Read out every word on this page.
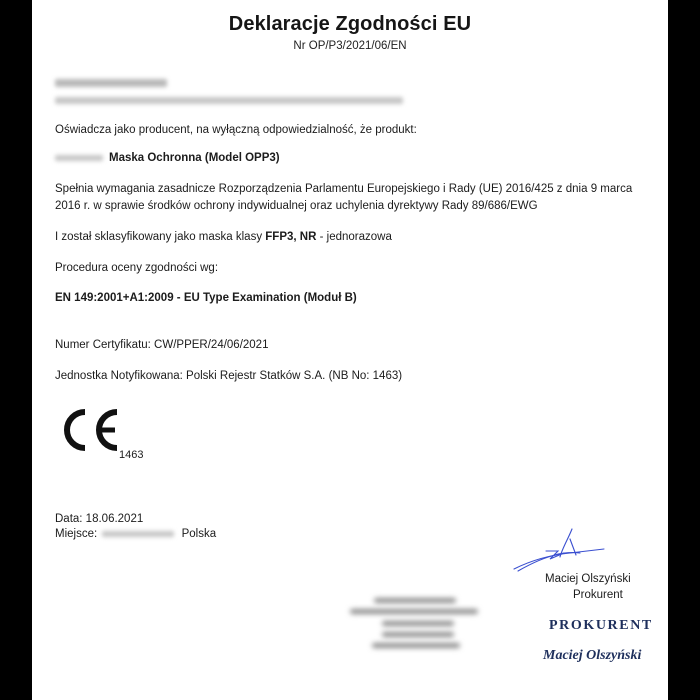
Deklaracje Zgodności EU
Nr OP/P3/2021/06/EN
Oświadcza jako producent, na wyłączną odpowiedzialność, że produkt:
Maska Ochronna (Model OPP3)
Spełnia wymagania zasadnicze Rozporządzenia Parlamentu Europejskiego i Rady (UE) 2016/425 z dnia 9 marca
2016 r. w sprawie środków ochrony indywidualnej oraz uchylenia dyrektywy Rady 89/686/EWG
I został sklasyfikowany jako maska klasy FFP3, NR - jednorazowa
Procedura oceny zgodności wg:
EN 149:2001+A1:2009 - EU Type Examination (Moduł B)
Numer Certyfikatu: CW/PPER/24/06/2021
Jednostka Notyfikowana: Polski Rejestr Statków S.A. (NB No: 1463)
1463
Data: 18.06.2021
Miejsce:	Polska
Maciej Olszyński
Prokurent
PROKURENT
Maciej Olszyński
